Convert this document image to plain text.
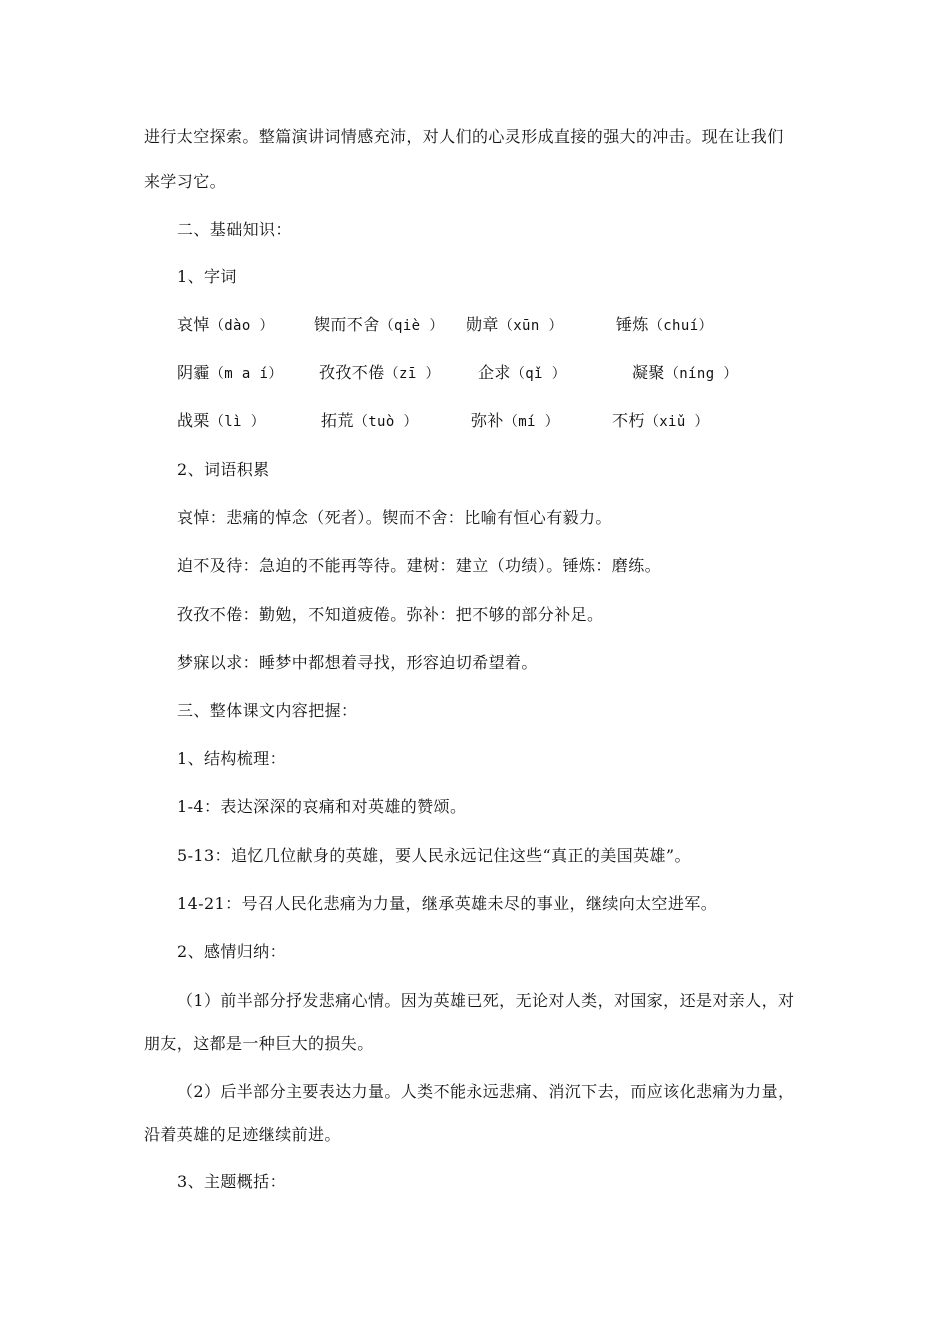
进行太空探索。整篇演讲词情感充沛，对人们的心灵形成直接的强大的冲击。现在让我们
来学习它。
二、基础知识：
1、字词
哀悼（dào ）	锲而不舍（qiè ） 勋章（xūn ）	锤炼（chuí）
阴霾（m a í） 孜孜不倦（zī ） 企求（qǐ ）	凝聚（níng ）
战栗（lì ）	拓荒（tuò ）	弥补（mí ）	不朽（xiǔ ）
2、词语积累
哀悼：悲痛的悼念（死者）。锲而不舍：比喻有恒心有毅力。
迫不及待：急迫的不能再等待。建树：建立（功绩）。锤炼：磨练。
孜孜不倦：勤勉，不知道疲倦。弥补：把不够的部分补足。
梦寐以求：睡梦中都想着寻找，形容迫切希望着。
三、整体课文内容把握：
1、结构梳理：
1-4：表达深深的哀痛和对英雄的赞颂。
5-13：追忆几位献身的英雄，要人民永远记住这些“真正的美国英雄”。
14-21：号召人民化悲痛为力量，继承英雄未尽的事业，继续向太空进军。
2、感情归纳：
（1）前半部分抒发悲痛心情。因为英雄已死，无论对人类，对国家，还是对亲人，对
朋友，这都是一种巨大的损失。
（2）后半部分主要表达力量。人类不能永远悲痛、消沉下去，而应该化悲痛为力量，
沿着英雄的足迹继续前进。
3、主题概括：
